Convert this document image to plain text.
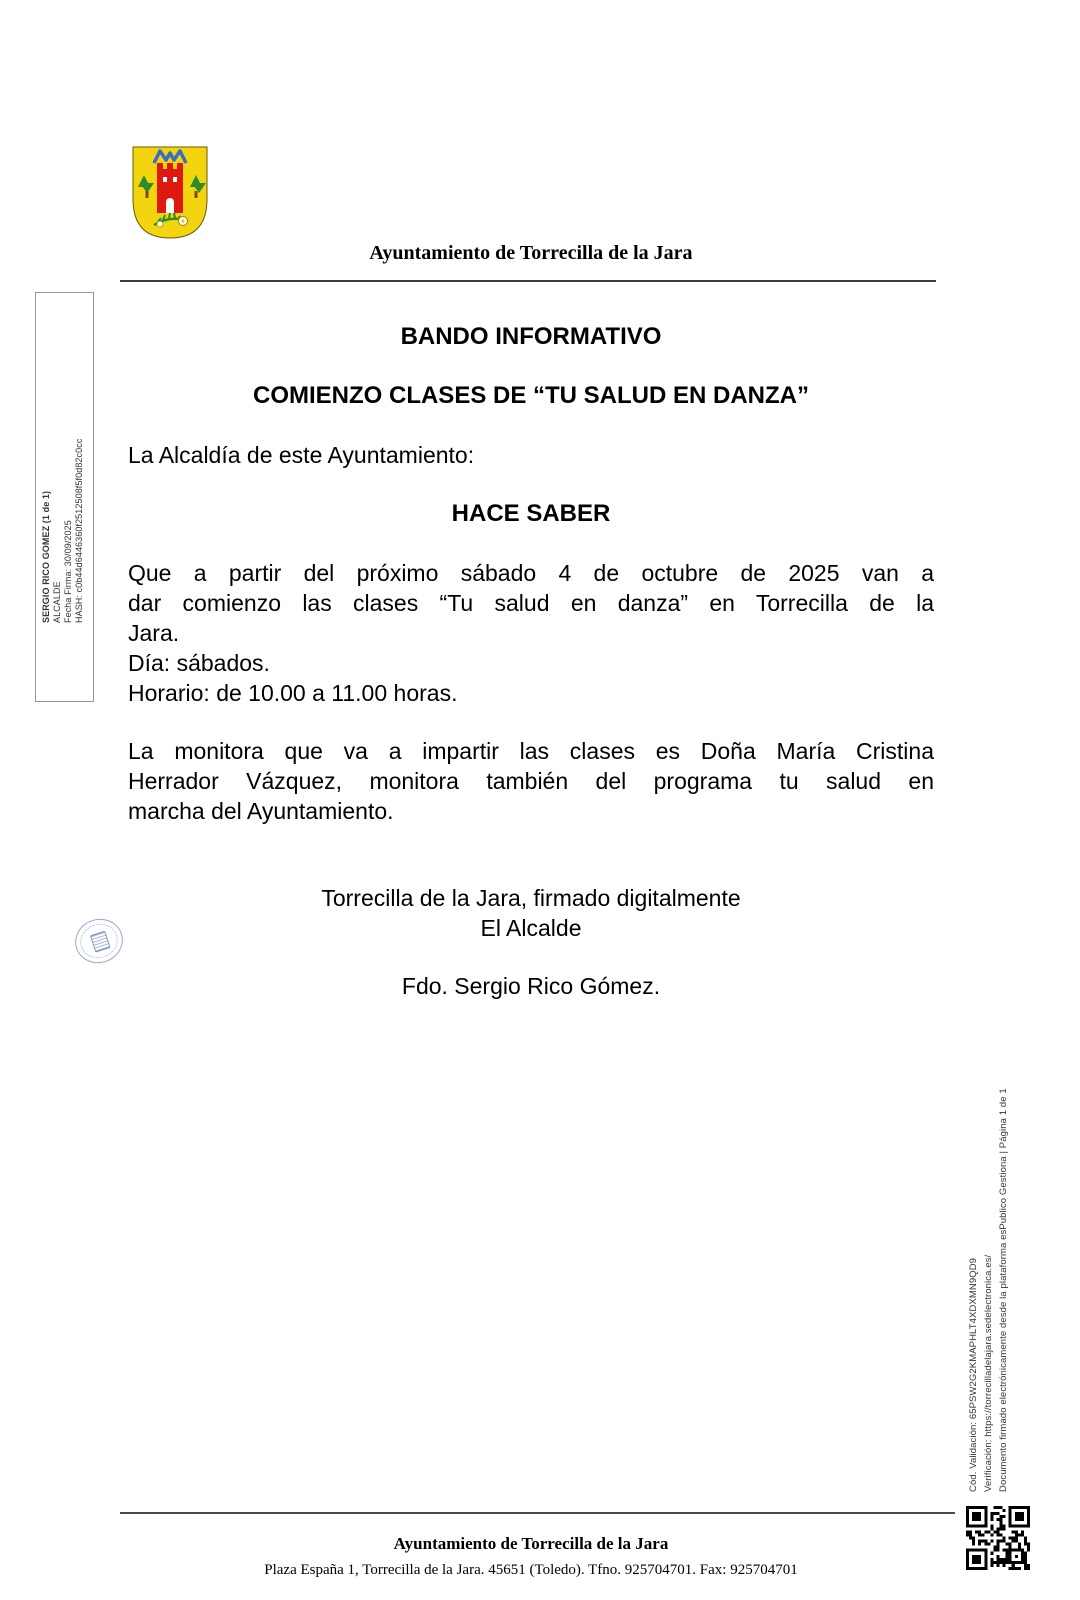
Ayuntamiento de Torrecilla de la Jara
SERGIO RICO GOMEZ (1 de 1) ALCALDE Fecha Firma: 30/09/2025 HASH: c0b44d6446360f2512508f5f0d82c0cc
BANDO INFORMATIVO
COMIENZO CLASES DE “TU SALUD EN DANZA”
La Alcaldía de este Ayuntamiento:
HACE SABER
Que a partir del próximo sábado 4 de octubre de 2025 van a
dar comienzo las clases “Tu salud en danza” en Torrecilla de la
Jara.
Día: sábados.
Horario: de 10.00 a 11.00 horas.
La monitora que va a impartir las clases es Doña María Cristina
Herrador Vázquez, monitora también del programa tu salud en
marcha del Ayuntamiento.
Torrecilla de la Jara, firmado digitalmente
El Alcalde
Fdo. Sergio Rico Gómez.
Cód. Validación: 65PSW2G2KMAPHLT4XDXMN9QD9 Verificación: https://torrecilladelajara.sedelectronica.es/ Documento firmado electrónicamente desde la plataforma esPublico Gestiona | Página 1 de 1
Ayuntamiento de Torrecilla de la Jara
Plaza España 1, Torrecilla de la Jara. 45651 (Toledo). Tfno. 925704701. Fax: 925704701
